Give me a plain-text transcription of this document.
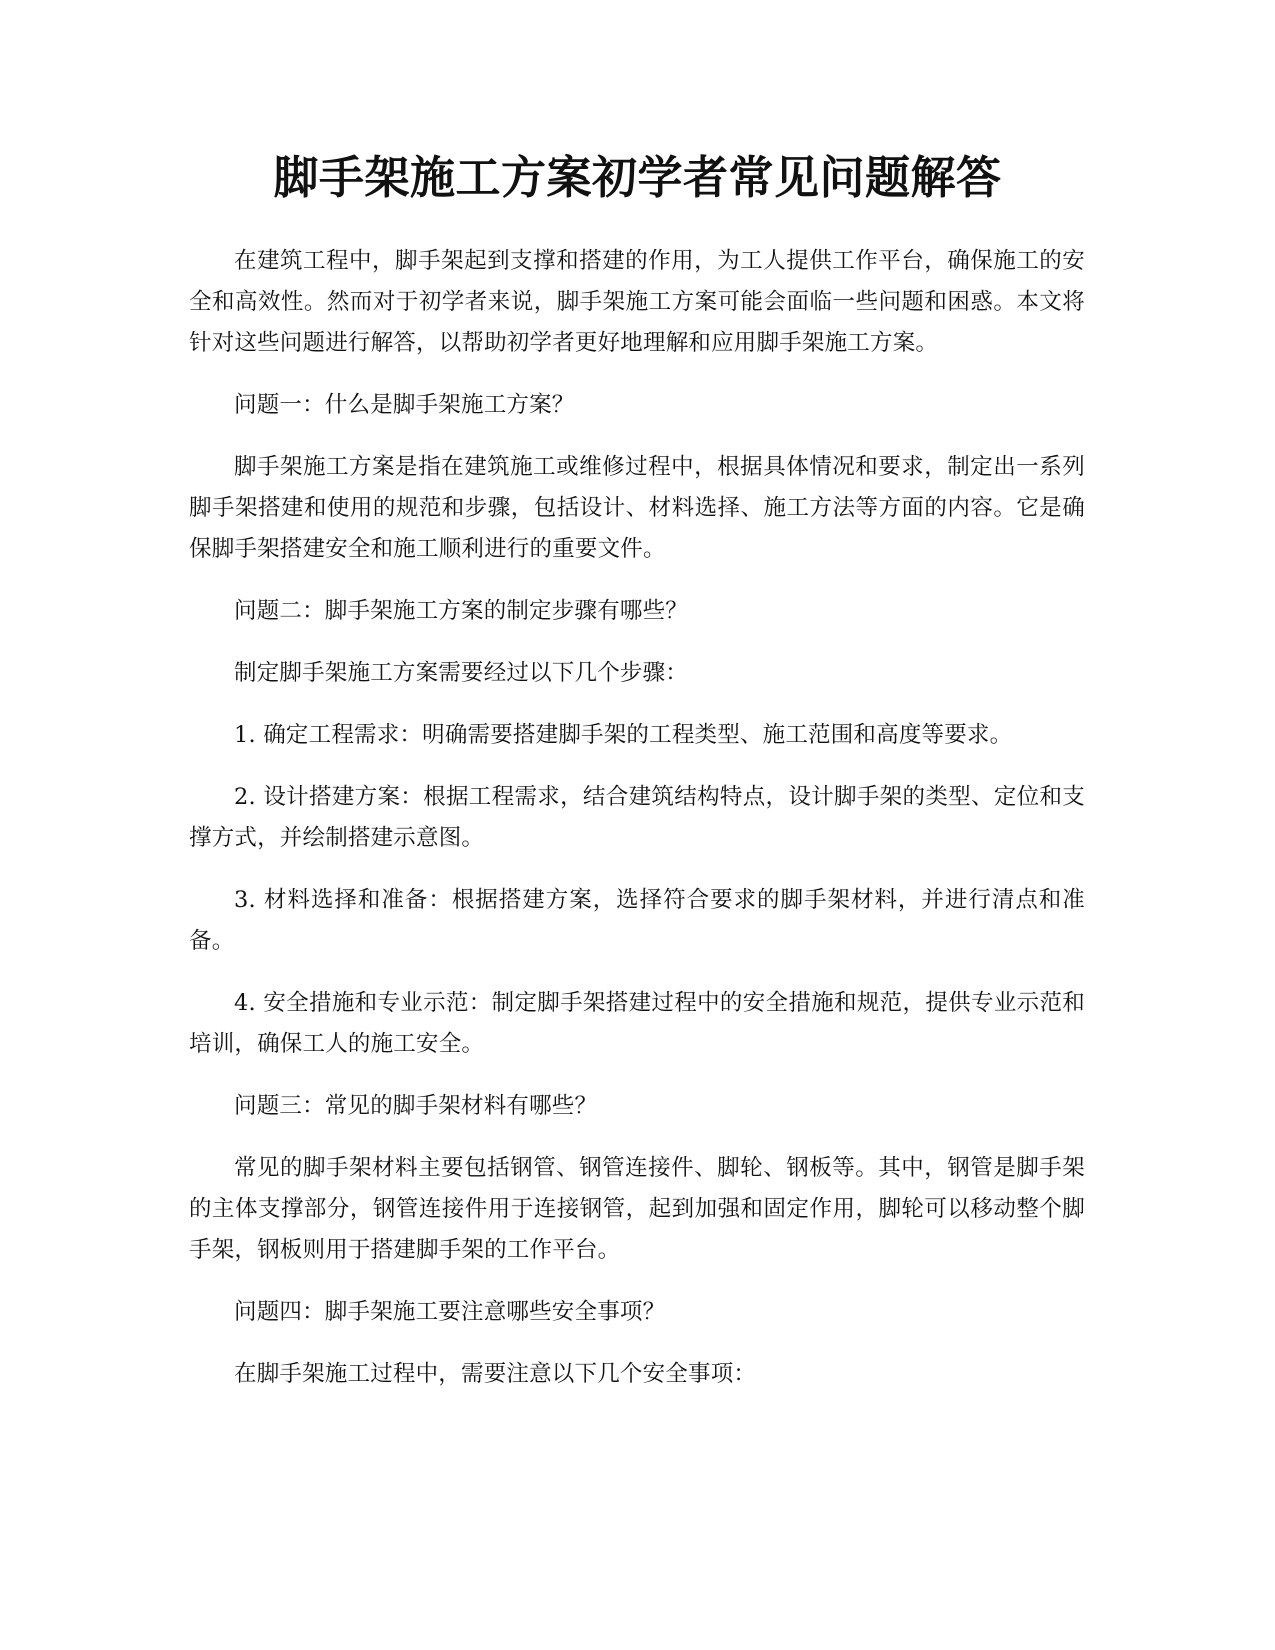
脚手架施工方案初学者常见问题解答

在建筑工程中，脚手架起到支撑和搭建的作用，为工人提供工作平台，确保施工的安全和高效性。然而对于初学者来说，脚手架施工方案可能会面临一些问题和困惑。本文将针对这些问题进行解答，以帮助初学者更好地理解和应用脚手架施工方案。

问题一：什么是脚手架施工方案？

脚手架施工方案是指在建筑施工或维修过程中，根据具体情况和要求，制定出一系列脚手架搭建和使用的规范和步骤，包括设计、材料选择、施工方法等方面的内容。它是确保脚手架搭建安全和施工顺利进行的重要文件。

问题二：脚手架施工方案的制定步骤有哪些？

制定脚手架施工方案需要经过以下几个步骤：

1. 确定工程需求：明确需要搭建脚手架的工程类型、施工范围和高度等要求。

2. 设计搭建方案：根据工程需求，结合建筑结构特点，设计脚手架的类型、定位和支撑方式，并绘制搭建示意图。

3. 材料选择和准备：根据搭建方案，选择符合要求的脚手架材料，并进行清点和准备。

4. 安全措施和专业示范：制定脚手架搭建过程中的安全措施和规范，提供专业示范和培训，确保工人的施工安全。

问题三：常见的脚手架材料有哪些？

常见的脚手架材料主要包括钢管、钢管连接件、脚轮、钢板等。其中，钢管是脚手架的主体支撑部分，钢管连接件用于连接钢管，起到加强和固定作用，脚轮可以移动整个脚手架，钢板则用于搭建脚手架的工作平台。

问题四：脚手架施工要注意哪些安全事项？

在脚手架施工过程中，需要注意以下几个安全事项：
